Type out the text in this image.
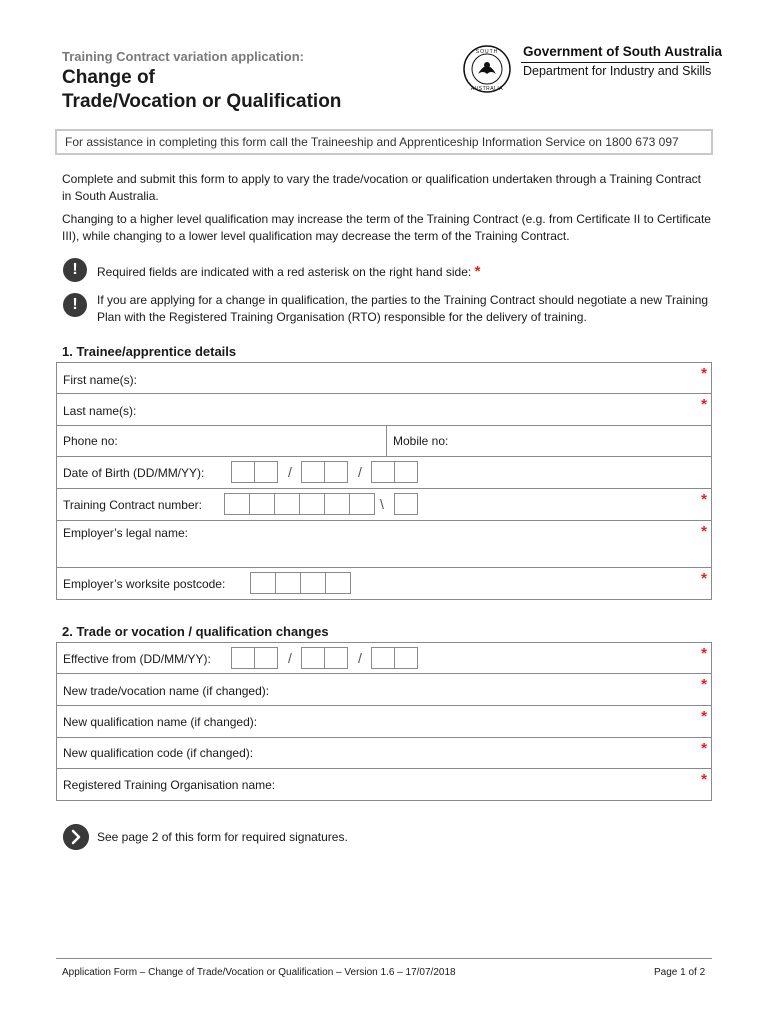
Training Contract variation application:
Change of
Trade/Vocation or Qualification
SOUTH
AUSTRALIA
Government of South Australia
Department for Industry and Skills
For assistance in completing this form call the Traineeship and Apprenticeship Information Service on 1800 673 097
Complete and submit this form to apply to vary the trade/vocation or qualification undertaken through a Training Contract in South Australia.
Changing to a higher level qualification may increase the term of the Training Contract (e.g. from Certificate II to Certificate III), while changing to a lower level qualification may decrease the term of the Training Contract.
!	Required fields are indicated with a red asterisk on the right hand side: *
!	If you are applying for a change in qualification, the parties to the Training Contract should negotiate a new Training Plan with the Registered Training Organisation (RTO) responsible for the delivery of training.
1. Trainee/apprentice details
First name(s):	*
Last name(s):	*
Phone no:	Mobile no:
Date of Birth (DD/MM/YY):	/	/
Training Contract number:	\	*
Employer’s legal name:	*
Employer’s worksite postcode:	*
2. Trade or vocation / qualification changes
Effective from (DD/MM/YY):	/	/	*
New trade/vocation name (if changed):	*
New qualification name (if changed):	*
New qualification code (if changed):	*
Registered Training Organisation name:	*
See page 2 of this form for required signatures.
Application Form – Change of Trade/Vocation or Qualification – Version 1.6 – 17/07/2018	Page 1 of 2
